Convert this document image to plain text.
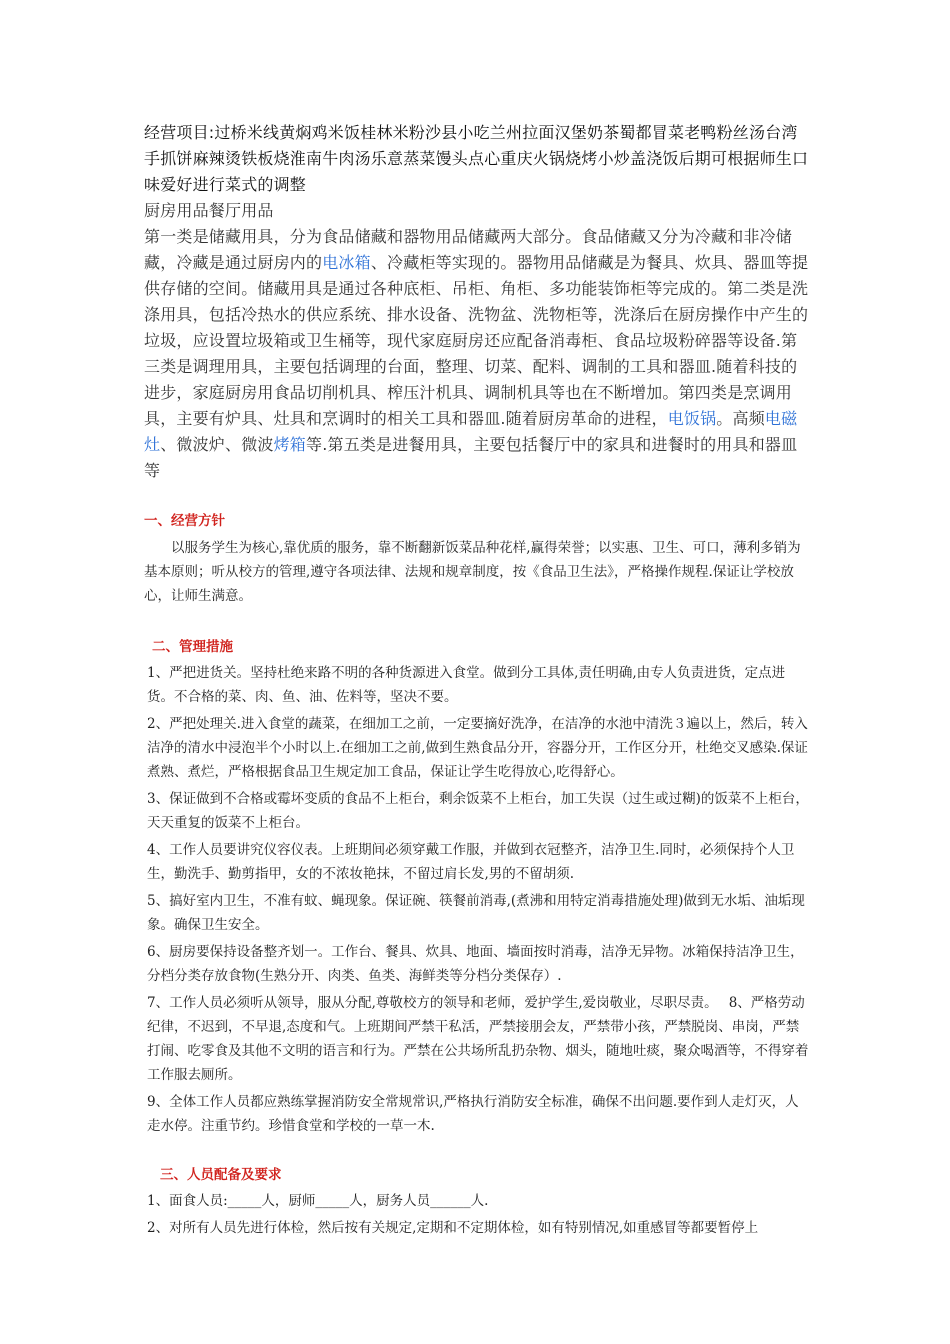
经营项目:过桥米线黄焖鸡米饭桂林米粉沙县小吃兰州拉面汉堡奶茶蜀都冒菜老鸭粉丝汤台湾手抓饼麻辣烫铁板烧淮南牛肉汤乐意蒸菜馒头点心重庆火锅烧烤小炒盖浇饭后期可根据师生口味爱好进行菜式的调整

厨房用品餐厅用品

第一类是储藏用具，分为食品储藏和器物用品储藏两大部分。食品储藏又分为冷藏和非冷储藏，冷藏是通过厨房内的电冰箱、冷藏柜等实现的。器物用品储藏是为餐具、炊具、器皿等提供存储的空间。储藏用具是通过各种底柜、吊柜、角柜、多功能装饰柜等完成的。第二类是洗涤用具，包括冷热水的供应系统、排水设备、洗物盆、洗物柜等，洗涤后在厨房操作中产生的垃圾，应设置垃圾箱或卫生桶等，现代家庭厨房还应配备消毒柜、食品垃圾粉碎器等设备.第三类是调理用具，主要包括调理的台面，整理、切菜、配料、调制的工具和器皿.随着科技的进步，家庭厨房用食品切削机具、榨压汁机具、调制机具等也在不断增加。第四类是烹调用具，主要有炉具、灶具和烹调时的相关工具和器皿.随着厨房革命的进程，电饭锅。高频电磁灶、微波炉、微波烤箱等.第五类是进餐用具，主要包括餐厅中的家具和进餐时的用具和器皿等

一、经营方针

以服务学生为核心,靠优质的服务，靠不断翻新饭菜品种花样,赢得荣誉；以实惠、卫生、可口，薄利多销为基本原则；听从校方的管理,遵守各项法律、法规和规章制度，按《食品卫生法》，严格操作规程.保证让学校放心，让师生满意。

二、管理措施

1、严把进货关。坚持杜绝来路不明的各种货源进入食堂。做到分工具体,责任明确,由专人负责进货，定点进货。不合格的菜、肉、鱼、油、佐料等，坚决不要。

2、严把处理关.进入食堂的蔬菜，在细加工之前，一定要摘好洗净，在洁净的水池中清洗３遍以上，然后，转入洁净的清水中浸泡半个小时以上.在细加工之前,做到生熟食品分开，容器分开，工作区分开，杜绝交叉感染.保证煮熟、煮烂，严格根据食品卫生规定加工食品，保证让学生吃得放心,吃得舒心。

3、保证做到不合格或霉坏变质的食品不上柜台，剩余饭菜不上柜台，加工失误（过生或过糊)的饭菜不上柜台，天天重复的饭菜不上柜台。

4、工作人员要讲究仪容仪表。上班期间必须穿戴工作服，并做到衣冠整齐，洁净卫生.同时，必须保持个人卫生，勤洗手、勤剪指甲，女的不浓妆艳抹，不留过肩长发,男的不留胡须.

5、搞好室内卫生，不准有蚊、蝇现象。保证碗、筷餐前消毒,(煮沸和用特定消毒措施处理)做到无水垢、油垢现象。确保卫生安全。

6、厨房要保持设备整齐划一。工作台、餐具、炊具、地面、墙面按时消毒，洁净无异物。冰箱保持洁净卫生，分档分类存放食物(生熟分开、肉类、鱼类、海鲜类等分档分类保存）.

7、工作人员必须听从领导，服从分配,尊敬校方的领导和老师，爱护学生,爱岗敬业，尽职尽责。　 8、严格劳动纪律，不迟到，不早退,态度和气。上班期间严禁干私活，严禁接朋会友，严禁带小孩，严禁脱岗、串岗，严禁打闹、吃零食及其他不文明的语言和行为。严禁在公共场所乱扔杂物、烟头，随地吐痰，聚众喝酒等，不得穿着工作服去厕所。

9、全体工作人员都应熟练掌握消防安全常规常识,严格执行消防安全标准，确保不出问题.要作到人走灯灭，人走水停。注重节约。珍惜食堂和学校的一草一木.

三、人员配备及要求

1、面食人员:_____人，厨师_____人，厨务人员______人.

2、对所有人员先进行体检，然后按有关规定,定期和不定期体检，如有特别情况,如重感冒等都要暂停上
